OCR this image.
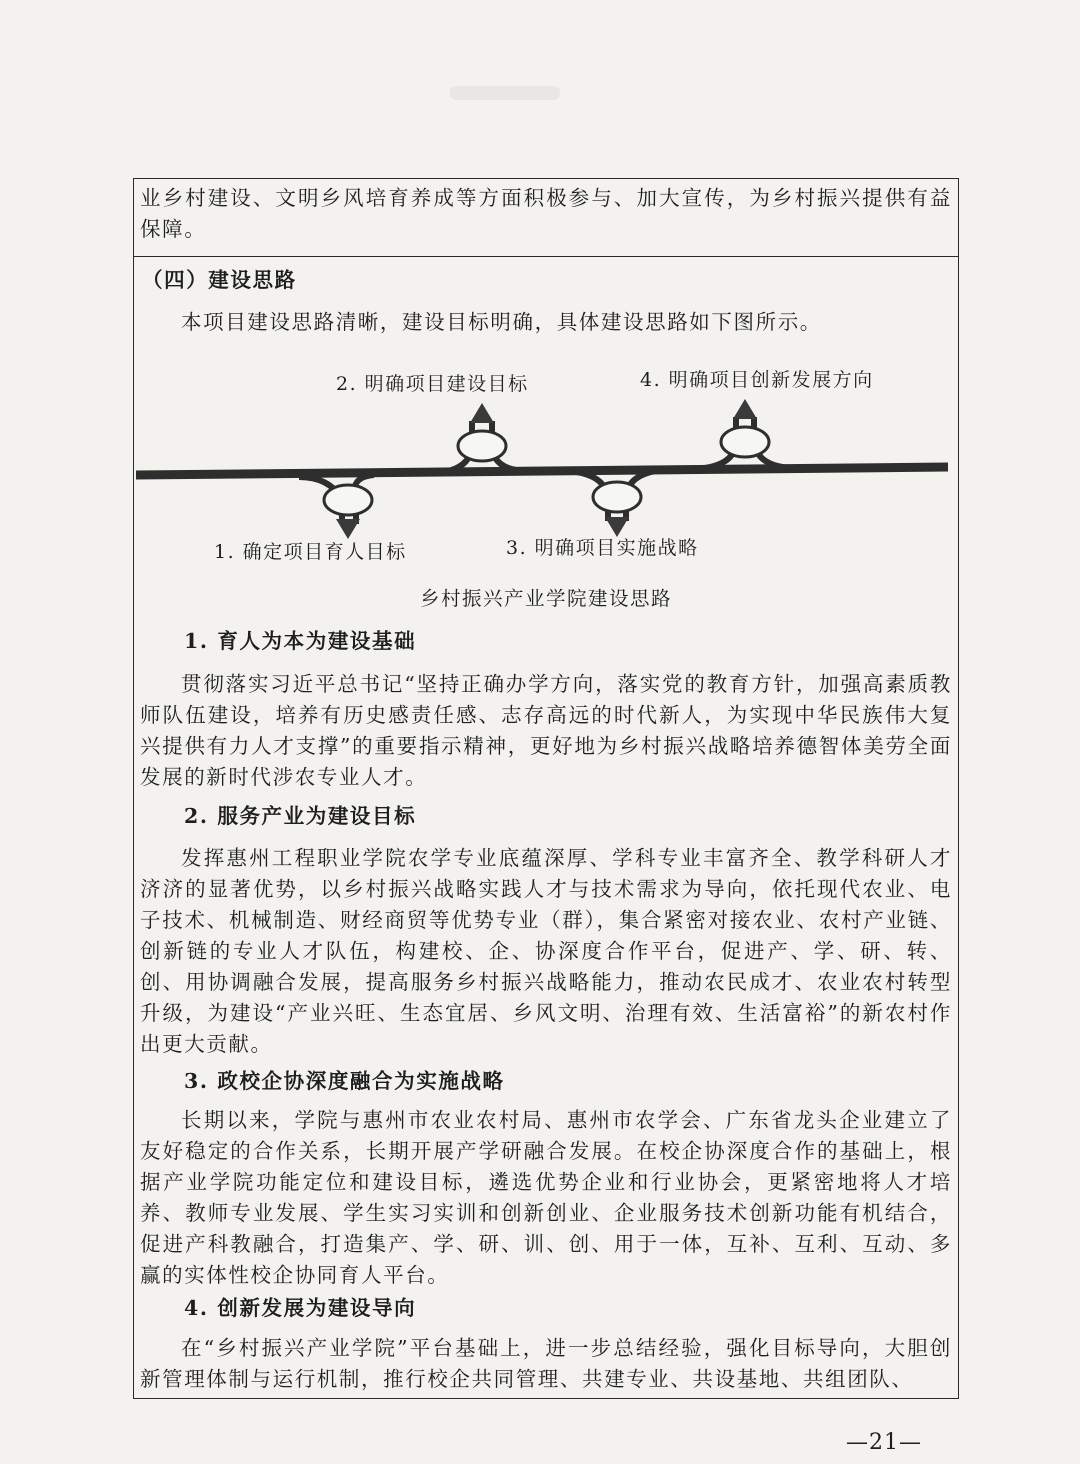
业乡村建设、文明乡风培育养成等方面积极参与、加大宣传，为乡村振兴提供有益保障。

（四）建设思路

本项目建设思路清晰，建设目标明确，具体建设思路如下图所示。

2. 明确项目建设目标	4. 明确项目创新发展方向
1. 确定项目育人目标	3. 明确项目实施战略
乡村振兴产业学院建设思路

1. 育人为本为建设基础

贯彻落实习近平总书记“坚持正确办学方向，落实党的教育方针，加强高素质教师队伍建设，培养有历史感责任感、志存高远的时代新人，为实现中华民族伟大复兴提供有力人才支撑”的重要指示精神，更好地为乡村振兴战略培养德智体美劳全面发展的新时代涉农专业人才。

2. 服务产业为建设目标

发挥惠州工程职业学院农学专业底蕴深厚、学科专业丰富齐全、教学科研人才济济的显著优势，以乡村振兴战略实践人才与技术需求为导向，依托现代农业、电子技术、机械制造、财经商贸等优势专业（群），集合紧密对接农业、农村产业链、创新链的专业人才队伍，构建校、企、协深度合作平台，促进产、学、研、转、创、用协调融合发展，提高服务乡村振兴战略能力，推动农民成才、农业农村转型升级，为建设“产业兴旺、生态宜居、乡风文明、治理有效、生活富裕”的新农村作出更大贡献。

3. 政校企协深度融合为实施战略

长期以来，学院与惠州市农业农村局、惠州市农学会、广东省龙头企业建立了友好稳定的合作关系，长期开展产学研融合发展。在校企协深度合作的基础上，根据产业学院功能定位和建设目标，遴选优势企业和行业协会，更紧密地将人才培养、教师专业发展、学生实习实训和创新创业、企业服务技术创新功能有机结合，促进产科教融合，打造集产、学、研、训、创、用于一体，互补、互利、互动、多赢的实体性校企协同育人平台。

4. 创新发展为建设导向

在“乡村振兴产业学院”平台基础上，进一步总结经验，强化目标导向，大胆创新管理体制与运行机制，推行校企共同管理、共建专业、共设基地、共组团队、

—21—
